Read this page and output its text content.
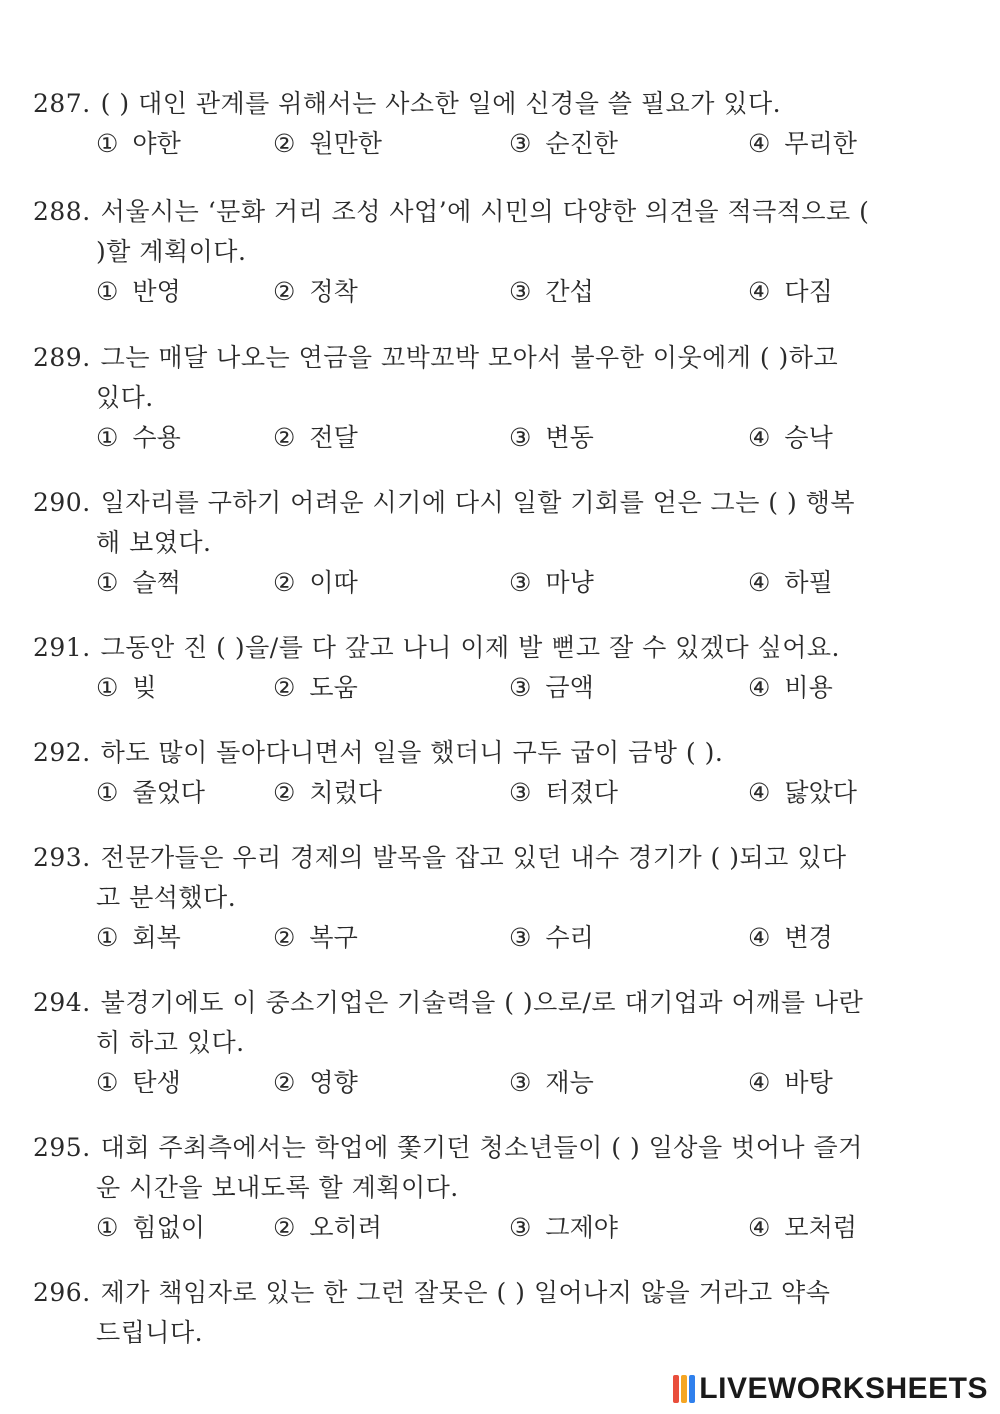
287. ( ) 대인 관계를 위해서는 사소한 일에 신경을 쓸 필요가 있다.
① 야한	② 원만한	③ 순진한	④ 무리한
288. 서울시는 ‘문화 거리 조성 사업’에 시민의 다양한 의견을 적극적으로 (
)할 계획이다.
① 반영	② 정착	③ 간섭	④ 다짐
289. 그는 매달 나오는 연금을 꼬박꼬박 모아서 불우한 이웃에게 ( )하고
있다.
① 수용	② 전달	③ 변동	④ 승낙
290. 일자리를 구하기 어려운 시기에 다시 일할 기회를 얻은 그는 ( ) 행복
해 보였다.
① 슬쩍	② 이따	③ 마냥	④ 하필
291. 그동안 진 ( )을/를 다 갚고 나니 이제 발 뻗고 잘 수 있겠다 싶어요.
① 빚	② 도움	③ 금액	④ 비용
292. 하도 많이 돌아다니면서 일을 했더니 구두 굽이 금방 ( ).
① 줄었다	② 치렀다	③ 터졌다	④ 닳았다
293. 전문가들은 우리 경제의 발목을 잡고 있던 내수 경기가 ( )되고 있다
고 분석했다.
① 회복	② 복구	③ 수리	④ 변경
294. 불경기에도 이 중소기업은 기술력을 ( )으로/로 대기업과 어깨를 나란
히 하고 있다.
① 탄생	② 영향	③ 재능	④ 바탕
295. 대회 주최측에서는 학업에 쫓기던 청소년들이 ( ) 일상을 벗어나 즐거
운 시간을 보내도록 할 계획이다.
① 힘없이	② 오히려	③ 그제야	④ 모처럼
296. 제가 책임자로 있는 한 그런 잘못은 ( ) 일어나지 않을 거라고 약속
드립니다.
LIVEWORKSHEETS
